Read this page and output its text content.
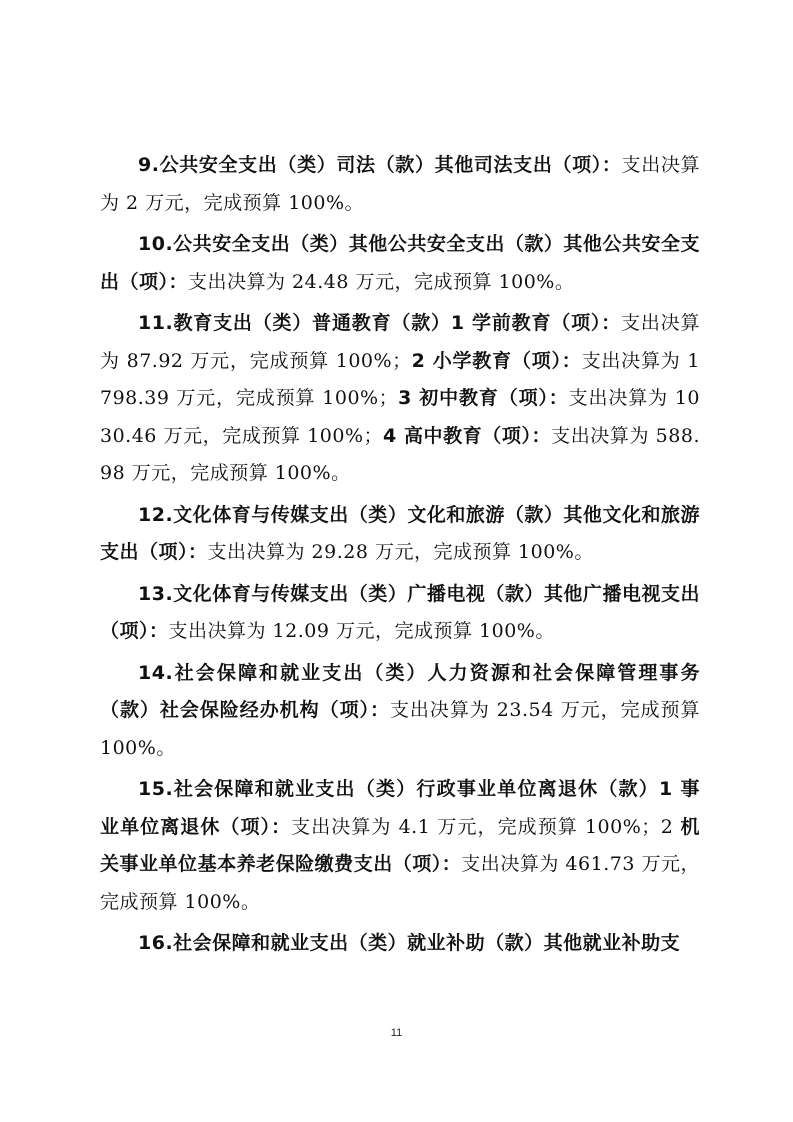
9.公共安全支出（类）司法（款）其他司法支出（项）：支出决算为 2 万元，完成预算 100%。

10.公共安全支出（类）其他公共安全支出（款）其他公共安全支出（项）：支出决算为 24.48 万元，完成预算 100%。

11.教育支出（类）普通教育（款）1 学前教育（项）：支出决算为 87.92 万元，完成预算 100%；2 小学教育（项）：支出决算为 1798.39 万元，完成预算 100%；3 初中教育（项）：支出决算为 1030.46 万元，完成预算 100%；4 高中教育（项）：支出决算为 588.98 万元，完成预算 100%。

12.文化体育与传媒支出（类）文化和旅游（款）其他文化和旅游支出（项）：支出决算为 29.28 万元，完成预算 100%。

13.文化体育与传媒支出（类）广播电视（款）其他广播电视支出（项）：支出决算为 12.09 万元，完成预算 100%。

14.社会保障和就业支出（类）人力资源和社会保障管理事务（款）社会保险经办机构（项）：支出决算为 23.54 万元，完成预算 100%。

15.社会保障和就业支出（类）行政事业单位离退休（款）1 事业单位离退休（项）：支出决算为 4.1 万元，完成预算 100%；2 机关事业单位基本养老保险缴费支出（项）：支出决算为 461.73 万元，完成预算 100%。

16.社会保障和就业支出（类）就业补助（款）其他就业补助支

11
